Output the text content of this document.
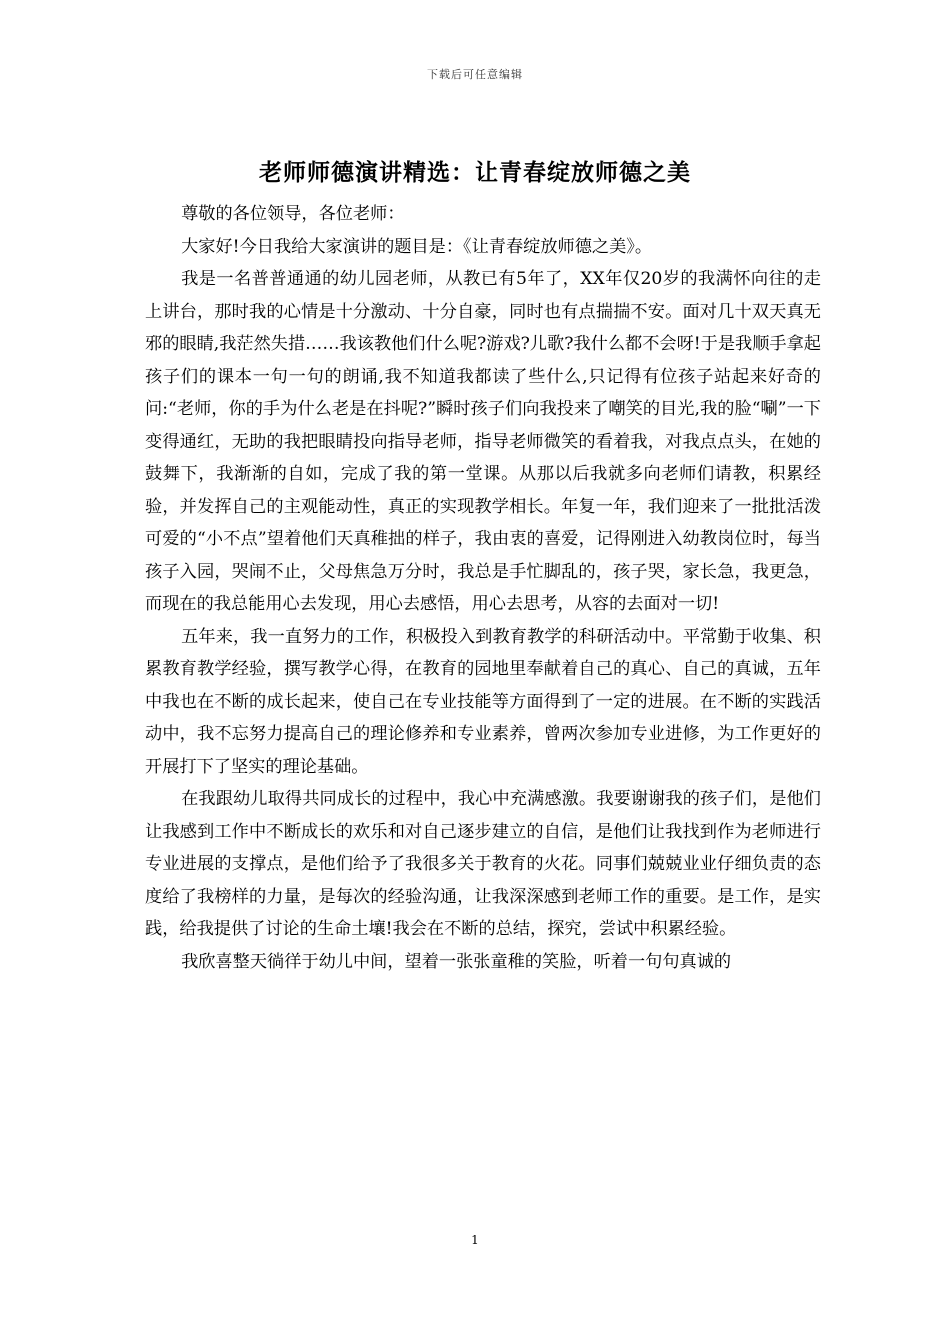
下载后可任意编辑
老师师德演讲精选：让青春绽放师德之美

尊敬的各位领导，各位老师：

大家好!今日我给大家演讲的题目是：《让青春绽放师德之美》。

我是一名普普通通的幼儿园老师，从教已有5年了，XX年仅20岁的我满怀向往的走上讲台，那时我的心情是十分激动、十分自豪，同时也有点揣揣不安。面对几十双天真无邪的眼睛,我茫然失措……我该教他们什么呢?游戏?儿歌?我什么都不会呀!于是我顺手拿起孩子们的课本一句一句的朗诵,我不知道我都读了些什么,只记得有位孩子站起来好奇的问:“老师，你的手为什么老是在抖呢?”瞬时孩子们向我投来了嘲笑的目光,我的脸“唰”一下变得通红，无助的我把眼睛投向指导老师，指导老师微笑的看着我，对我点点头，在她的鼓舞下，我渐渐的自如，完成了我的第一堂课。从那以后我就多向老师们请教，积累经验，并发挥自己的主观能动性，真正的实现教学相长。年复一年，我们迎来了一批批活泼可爱的“小不点”望着他们天真稚拙的样子，我由衷的喜爱，记得刚进入幼教岗位时，每当孩子入园，哭闹不止，父母焦急万分时，我总是手忙脚乱的，孩子哭，家长急，我更急，而现在的我总能用心去发现，用心去感悟，用心去思考，从容的去面对一切!

五年来，我一直努力的工作，积极投入到教育教学的科研活动中。平常勤于收集、积累教育教学经验，撰写教学心得，在教育的园地里奉献着自己的真心、自己的真诚，五年中我也在不断的成长起来，使自己在专业技能等方面得到了一定的进展。在不断的实践活动中，我不忘努力提高自己的理论修养和专业素养，曾两次参加专业进修，为工作更好的开展打下了坚实的理论基础。

在我跟幼儿取得共同成长的过程中，我心中充满感激。我要谢谢我的孩子们，是他们让我感到工作中不断成长的欢乐和对自己逐步建立的自信，是他们让我找到作为老师进行专业进展的支撑点，是他们给予了我很多关于教育的火花。同事们兢兢业业仔细负责的态度给了我榜样的力量，是每次的经验沟通，让我深深感到老师工作的重要。是工作，是实践，给我提供了讨论的生命土壤!我会在不断的总结，探究，尝试中积累经验。

我欣喜整天徜徉于幼儿中间，望着一张张童稚的笑脸，听着一句句真诚的

1
